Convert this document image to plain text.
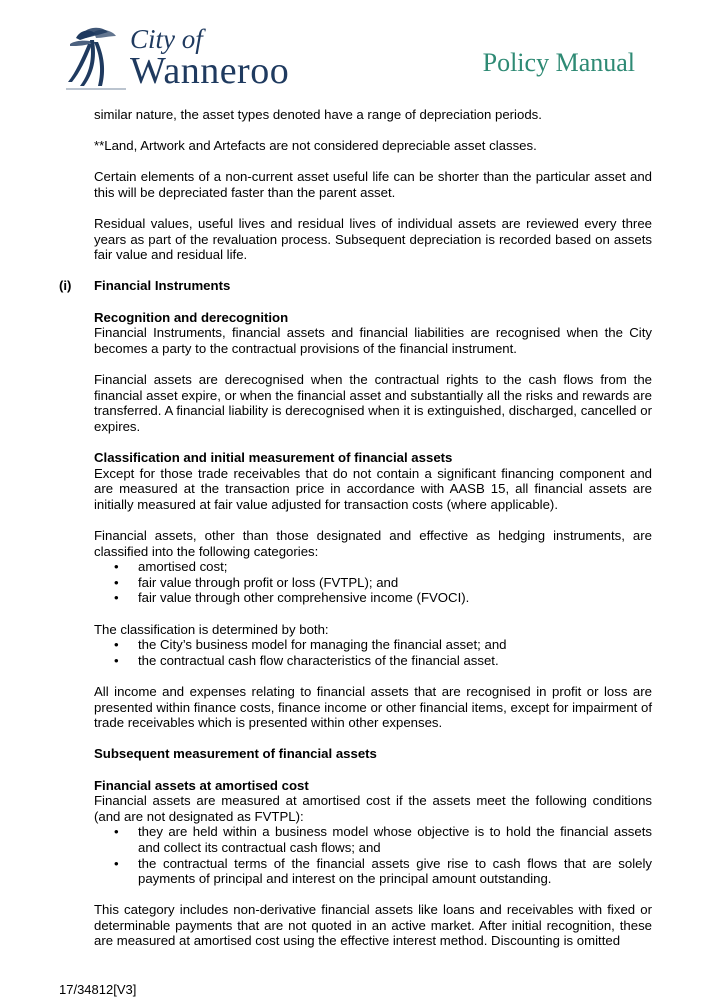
City of
Wanneroo	Policy Manual
(i) Financial Instruments

similar nature, the asset types denoted have a range of depreciation periods.

**Land, Artwork and Artefacts are not considered depreciable asset classes.

Certain elements of a non-current asset useful life can be shorter than the particular asset and this will be depreciated faster than the parent asset.

Residual values, useful lives and residual lives of individual assets are reviewed every three years as part of the revaluation process. Subsequent depreciation is recorded based on assets fair value and residual life.

Recognition and derecognition

Financial Instruments, financial assets and financial liabilities are recognised when the City becomes a party to the contractual provisions of the financial instrument.

Financial assets are derecognised when the contractual rights to the cash flows from the financial asset expire, or when the financial asset and substantially all the risks and rewards are transferred. A financial liability is derecognised when it is extinguished, discharged, cancelled or expires.

Classification and initial measurement of financial assets

Except for those trade receivables that do not contain a significant financing component and are measured at the transaction price in accordance with AASB 15, all financial assets are initially measured at fair value adjusted for transaction costs (where applicable).

Financial assets, other than those designated and effective as hedging instruments, are classified into the following categories:

• amortised cost;
• fair value through profit or loss (FVTPL); and
• fair value through other comprehensive income (FVOCI).

The classification is determined by both:

• the City’s business model for managing the financial asset; and
• the contractual cash flow characteristics of the financial asset.

All income and expenses relating to financial assets that are recognised in profit or loss are presented within finance costs, finance income or other financial items, except for impairment of trade receivables which is presented within other expenses.

Subsequent measurement of financial assets

Financial assets at amortised cost

Financial assets are measured at amortised cost if the assets meet the following conditions (and are not designated as FVTPL):

• they are held within a business model whose objective is to hold the financial assets and collect its contractual cash flows; and
• the contractual terms of the financial assets give rise to cash flows that are solely payments of principal and interest on the principal amount outstanding.

This category includes non-derivative financial assets like loans and receivables with fixed or determinable payments that are not quoted in an active market. After initial recognition, these are measured at amortised cost using the effective interest method. Discounting is omitted

17/34812[V3]
